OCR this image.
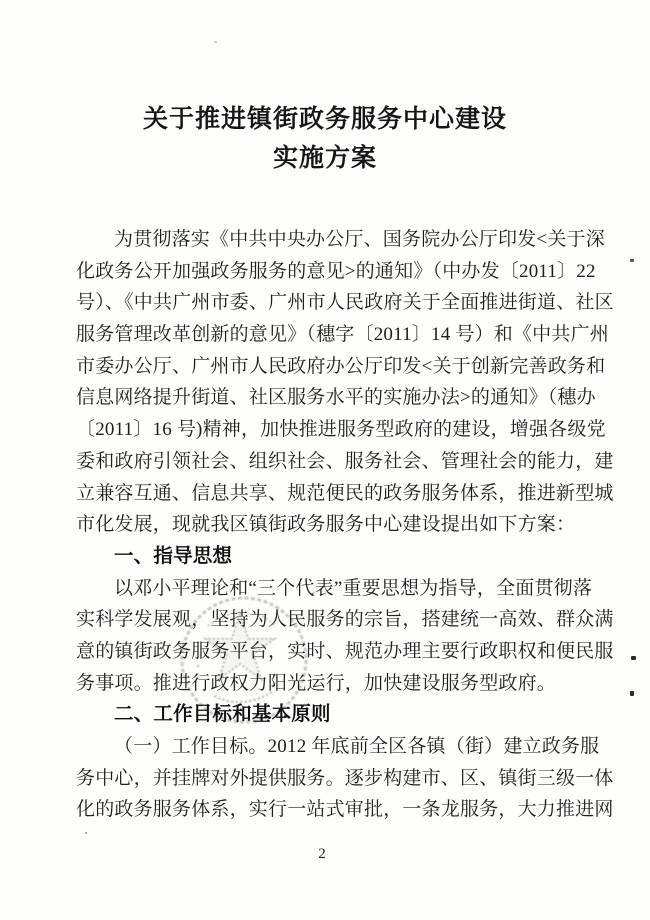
关于推进镇街政务服务中心建设
实施方案
为贯彻落实《中共中央办公厅、国务院办公厅印发<关于深
化政务公开加强政务服务的意见>的通知》（中办发〔2011〕22
号）、《中共广州市委、广州市人民政府关于全面推进街道、社区
服务管理改革创新的意见》（穗字〔2011〕14 号）和《中共广州
市委办公厅、广州市人民政府办公厅印发<关于创新完善政务和
信息网络提升街道、社区服务水平的实施办法>的通知》（穗办
〔2011〕16 号)精神，加快推进服务型政府的建设，增强各级党
委和政府引领社会、组织社会、服务社会、管理社会的能力，建
立兼容互通、信息共享、规范便民的政务服务体系，推进新型城
市化发展，现就我区镇街政务服务中心建设提出如下方案：
一、指导思想
以邓小平理论和“三个代表”重要思想为指导，全面贯彻落
实科学发展观，坚持为人民服务的宗旨，搭建统一高效、群众满
意的镇街政务服务平台，实时、规范办理主要行政职权和便民服
务事项。推进行政权力阳光运行，加快建设服务型政府。
二、工作目标和基本原则
（一）工作目标。2012 年底前全区各镇（街）建立政务服
务中心，并挂牌对外提供服务。逐步构建市、区、镇街三级一体
化的政务服务体系，实行一站式审批，一条龙服务，大力推进网
2
